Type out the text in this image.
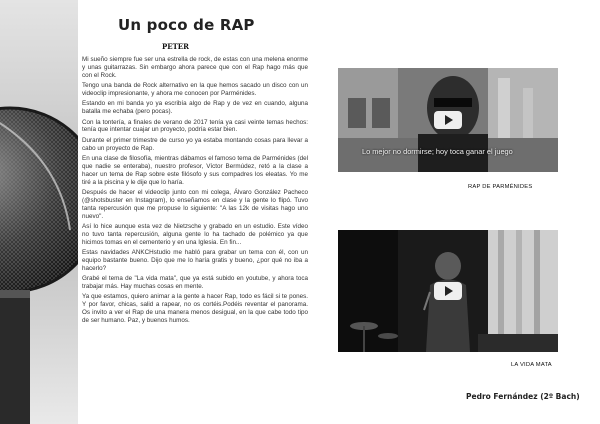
Un poco de RAP
PETER

Mi sueño siempre fue ser una estrella de rock, de estas con una melena enorme y unas guitarrazas. Sin embargo ahora parece que con el Rap hago más que con el Rock.

Tengo una banda de Rock alternativo en la que hemos sacado un disco con un videoclip impresionante, y ahora me conocen por Parménides.

Estando en mi banda yo ya escribía algo de Rap y de vez en cuando, alguna batalla me echaba (pero pocas).

Con la tontería, a finales de verano de 2017 tenía ya casi veinte temas hechos: tenía que intentar cuajar un proyecto, podría estar bien.

Durante el primer trimestre de curso yo ya estaba montando cosas para llevar a cabo un proyecto de Rap.

En una clase de filosofía, mientras dábamos el famoso tema de Parménides (del que nadie se enteraba), nuestro profesor, Víctor Bermúdez, retó a la clase a hacer un tema de Rap sobre este filósofo y sus compadres los eleatas. Yo me tiré a la piscina y le dije que lo haría.

Después de hacer el videoclip junto con mi colega, Álvaro González Pacheco (@shotsbuster en Instagram), lo enseñamos en clase y la gente lo flipó. Tuvo tanta repercusión que me propuse lo siguiente: "A las 12k de visitas hago uno nuevo".

Así lo hice aunque esta vez de Nietzsche y grabado en un estudio. Este vídeo no tuvo tanta repercusión, alguna gente lo ha tachado de polémico ya que hicimos tomas en el cementerio y en una Iglesia. En fin...

Estas navidades ANKCHstudio me habló para grabar un tema con él, con un equipo bastante bueno. Dijo que me lo haría gratis y bueno, ¿por qué no iba a hacerlo?

Grabé el tema de "La vida mata", que ya está subido en youtube, y ahora toca trabajar más. Hay muchas cosas en mente.

Ya que estamos, quiero animar a la gente a hacer Rap, todo es fácil si te pones. Y por favor, chicas, salid a rapear, no os cortéis.Podéis reventar el panorama. Os invito a ver el Rap de una manera menos desigual, en la que cabe todo tipo de ser humano. Paz, y buenos humos.

Lo mejor no dormirse; hoy toca ganar el juego
RAP DE PARMÉNIDES
LA VIDA MATA
Pedro Fernández (2º Bach)
